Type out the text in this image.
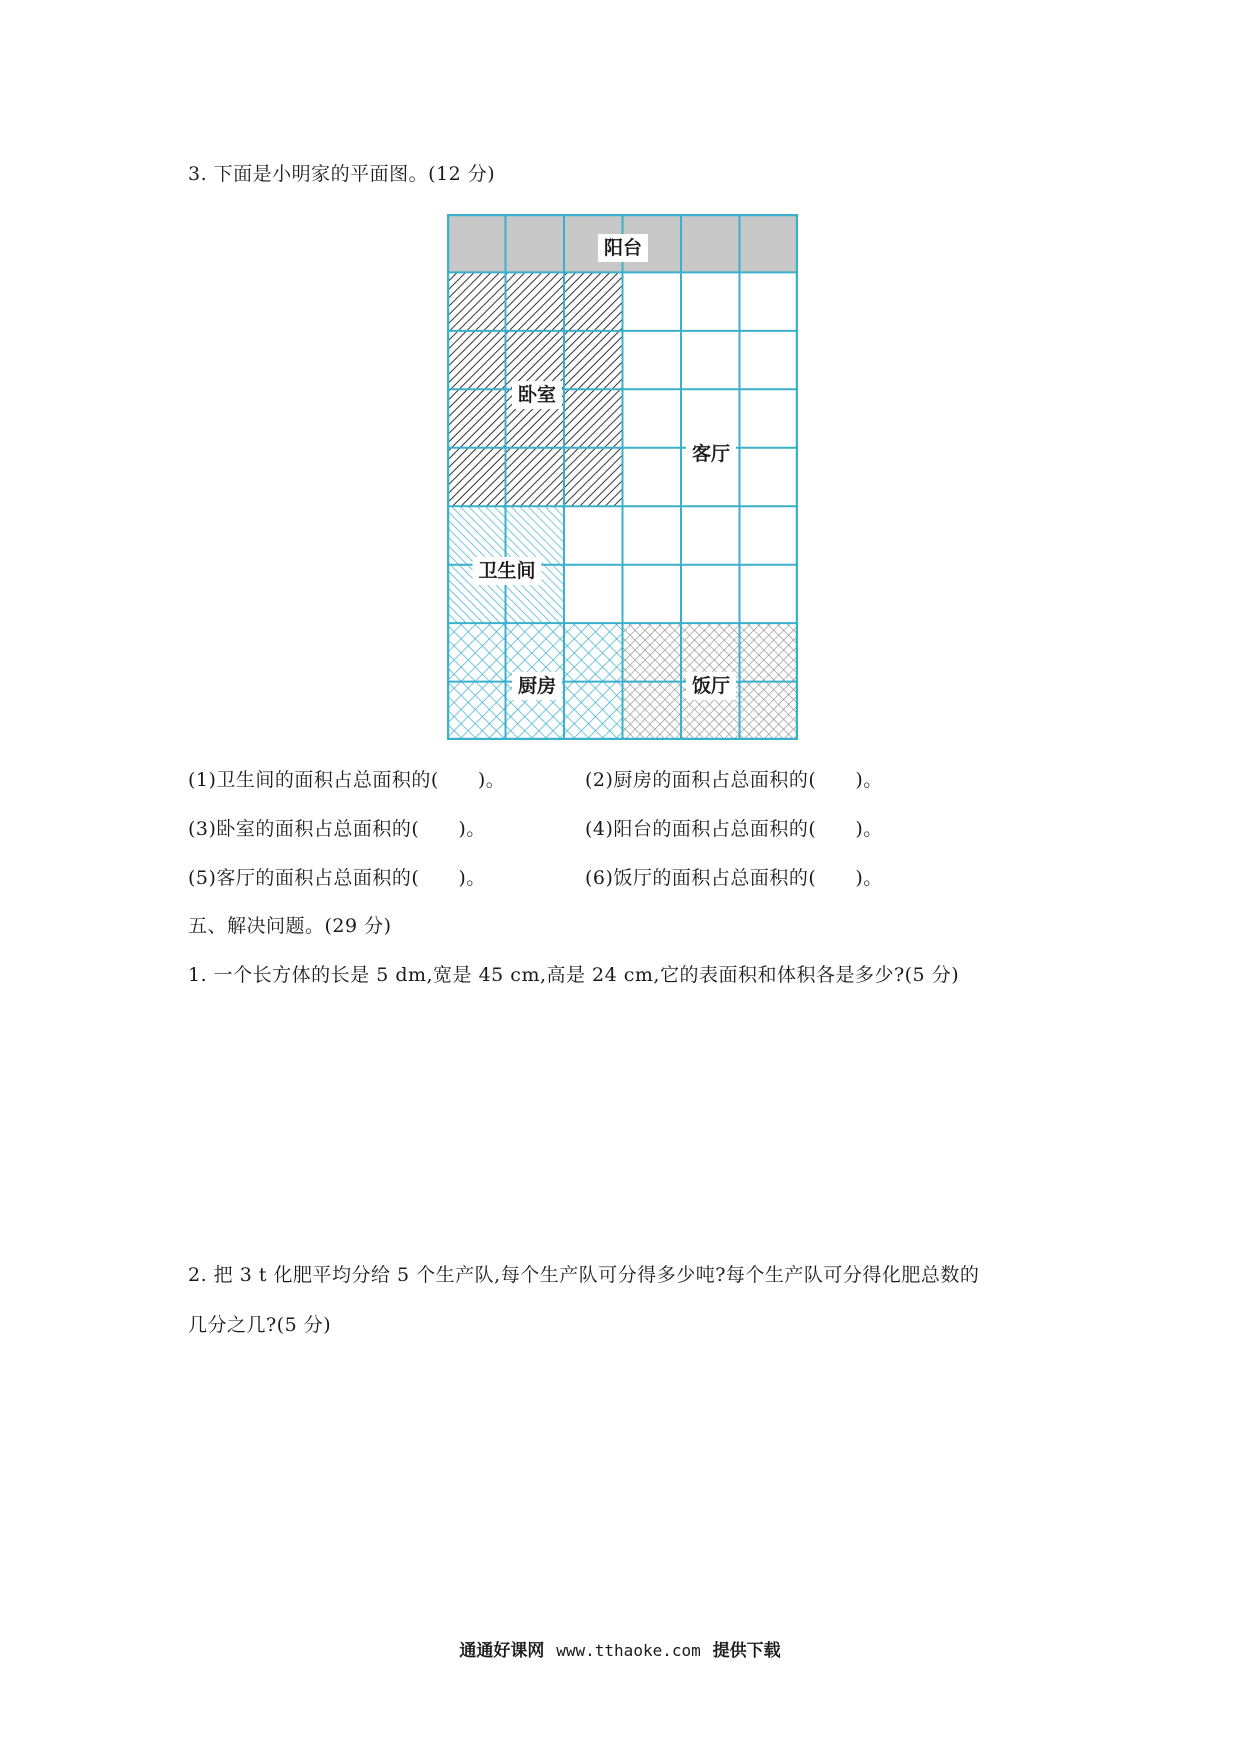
3. 下面是小明家的平面图。(12 分)
阳台
卧室
客厅
卫生间
厨房	饭厅
(1)卫生间的面积占总面积的(　　)。	(2)厨房的面积占总面积的(　　)。
(3)卧室的面积占总面积的(　　)。	(4)阳台的面积占总面积的(　　)。
(5)客厅的面积占总面积的(　　)。	(6)饭厅的面积占总面积的(　　)。
五、解决问题。(29 分)
1. 一个长方体的长是 5 dm,宽是 45 cm,高是 24 cm,它的表面积和体积各是多少?(5 分)
2. 把 3 t 化肥平均分给 5 个生产队,每个生产队可分得多少吨?每个生产队可分得化肥总数的
几分之几?(5 分)
通通好课网 www.tthaoke.com 提供下载
